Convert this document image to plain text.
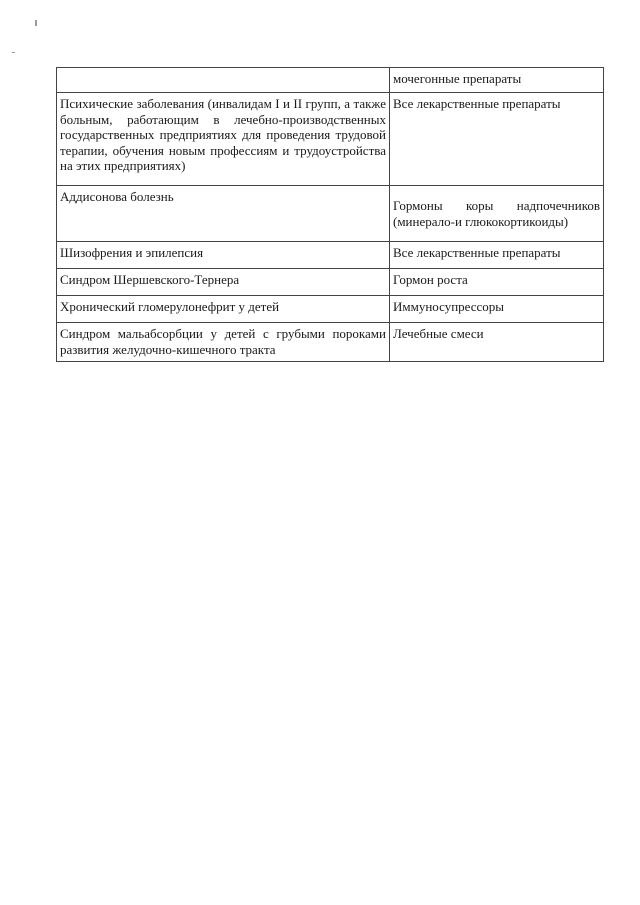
	мочегонные препараты
Психические заболевания (инвалидам I и II групп, а также больным, работающим в лечебно-производственных государственных предприятиях для проведения трудовой терапии, обучения новым профессиям и трудоустройства на этих предприятиях)	Все лекарственные препараты
Аддисонова болезнь	Гормоны коры надпочечников (минерало-и глюкокортикоиды)
Шизофрения и эпилепсия	Все лекарственные препараты
Синдром Шершевского-Тернера	Гормон роста
Хронический гломерулонефрит у детей	Иммуносупрессоры
Синдром мальабсорбции у детей с грубыми пороками развития желудочно-кишечного тракта	Лечебные смеси
